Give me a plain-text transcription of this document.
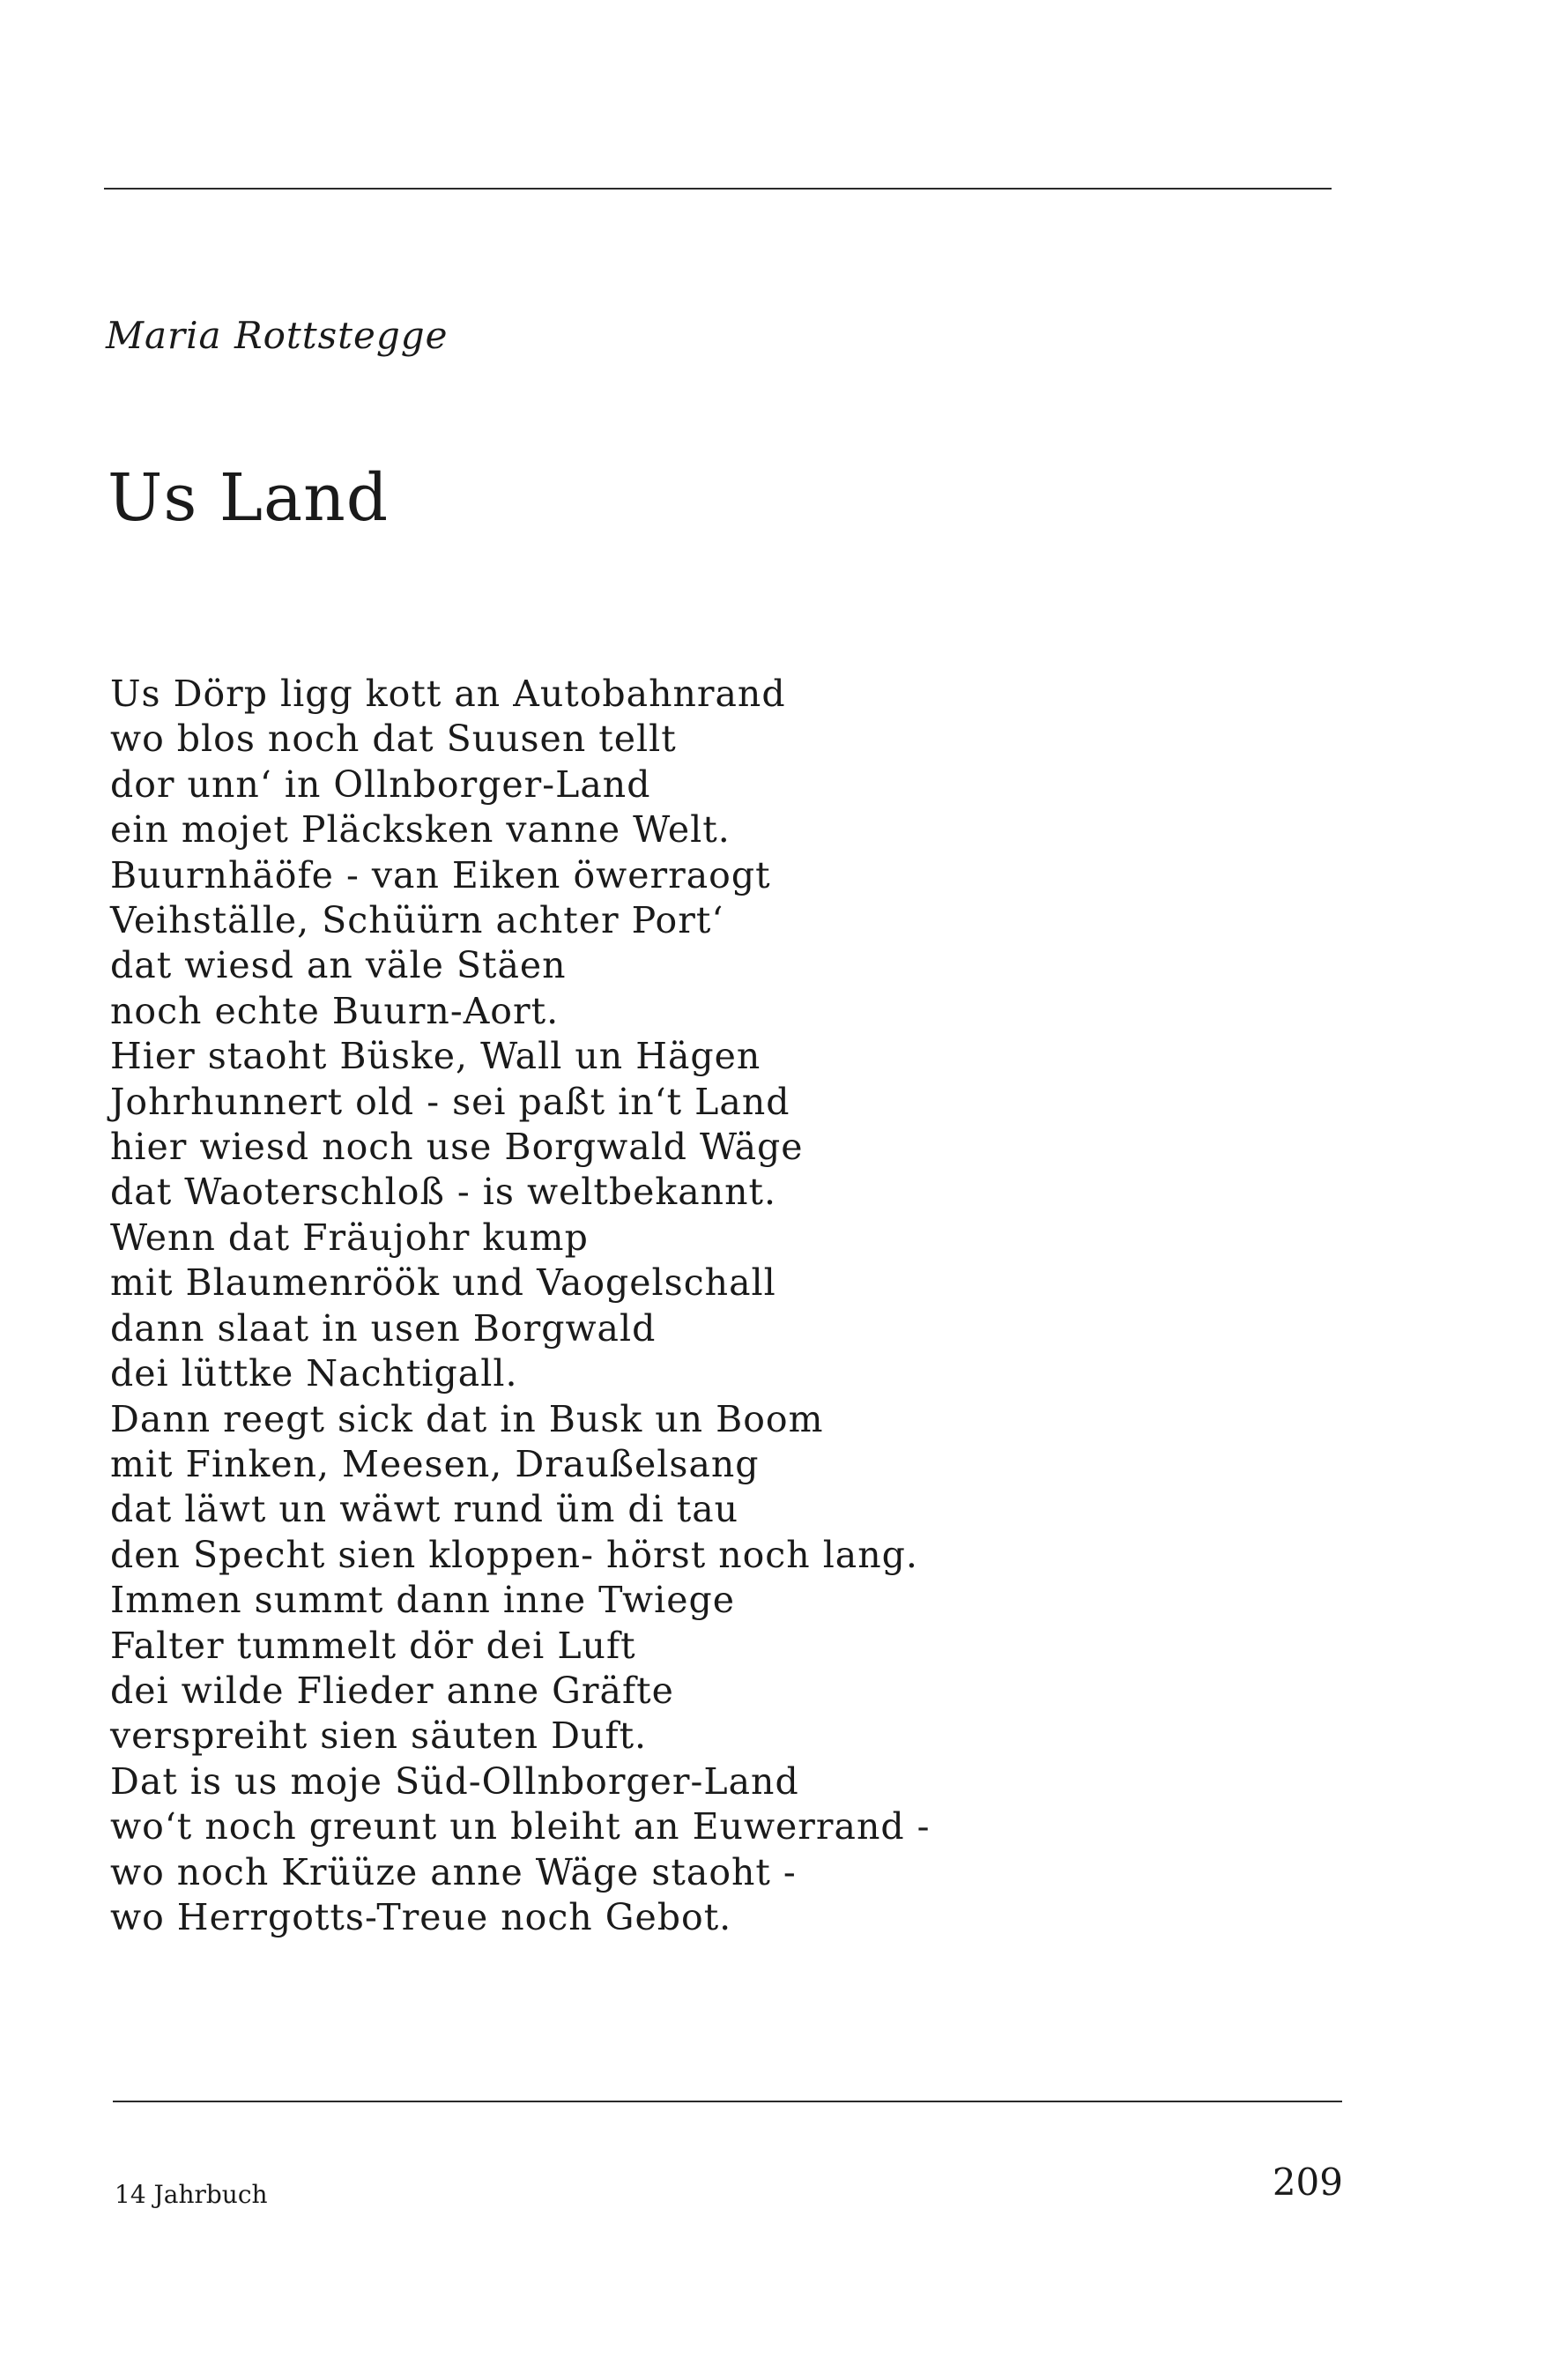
Maria Rottstegge
Us Land
Us Dörp ligg kott an Autobahnrand
wo blos noch dat Suusen tellt
dor unn‘ in Ollnborger-Land
ein mojet Pläcksken vanne Welt.
Buurnhäöfe - van Eiken öwerraogt
Veihställe, Schüürn achter Port‘
dat wiesd an väle Stäen
noch echte Buurn-Aort.
Hier staoht Büske, Wall un Hägen
Johrhunnert old - sei paßt in‘t Land
hier wiesd noch use Borgwald Wäge
dat Waoterschloß - is weltbekannt.
Wenn dat Fräujohr kump
mit Blaumenröök und Vaogelschall
dann slaat in usen Borgwald
dei lüttke Nachtigall.
Dann reegt sick dat in Busk un Boom
mit Finken, Meesen, Draußelsang
dat läwt un wäwt rund üm di tau
den Specht sien kloppen- hörst noch lang.
Immen summt dann inne Twiege
Falter tummelt dör dei Luft
dei wilde Flieder anne Gräfte
verspreiht sien säuten Duft.
Dat is us moje Süd-Ollnborger-Land
wo‘t noch greunt un bleiht an Euwerrand -
wo noch Krüüze anne Wäge staoht -
wo Herrgotts-Treue noch Gebot.
14 Jahrbuch	209
